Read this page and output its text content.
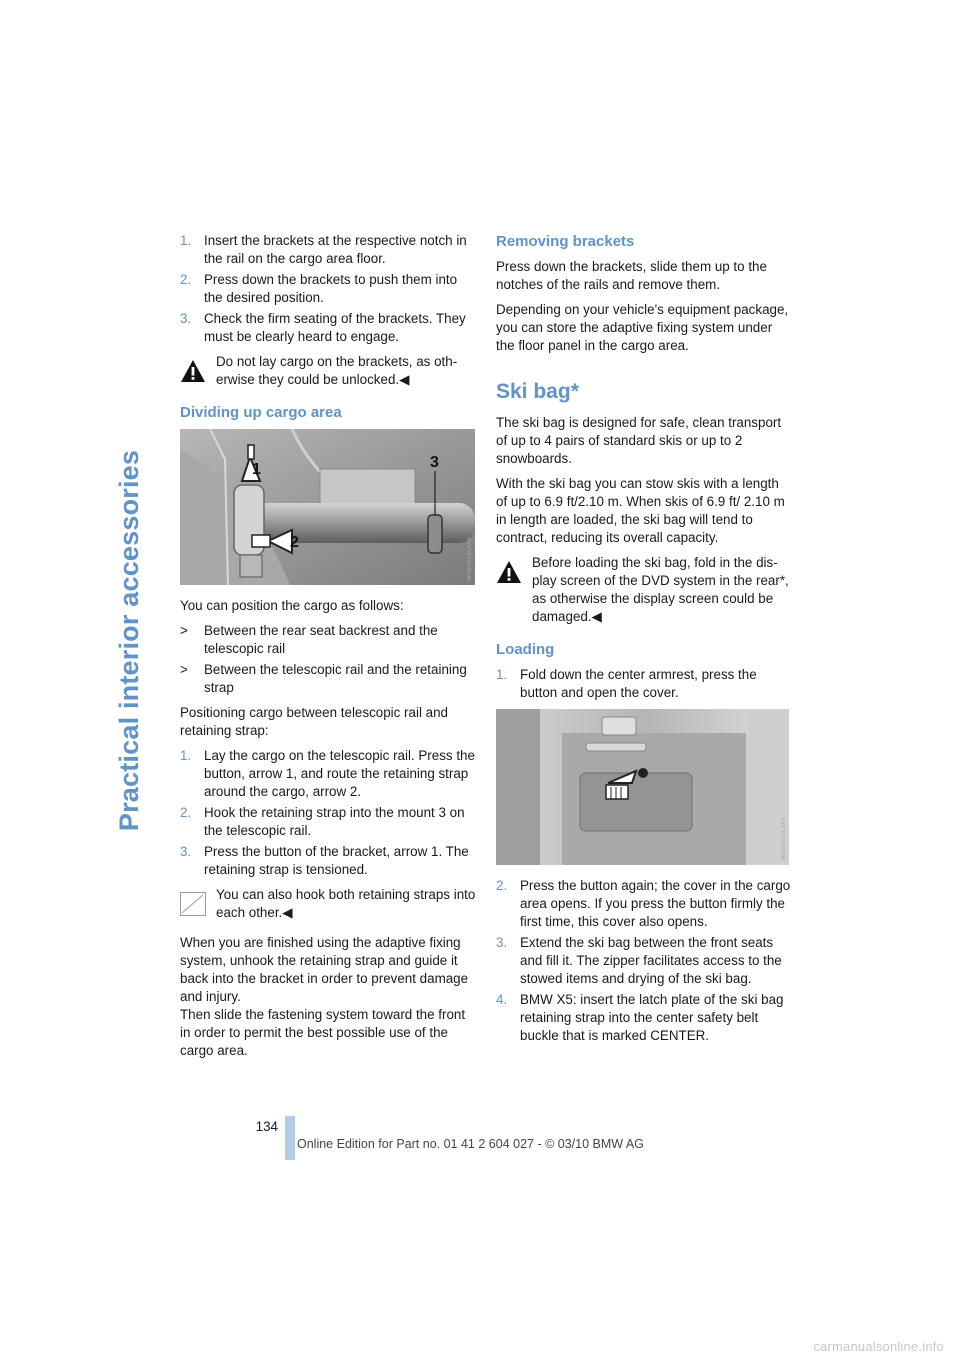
Practical interior accessories
1. Insert the brackets at the respective notch in the rail on the cargo area floor.

2. Press down the brackets to push them into the desired position.

3. Check the firm seating of the brackets. They must be clearly heard to engage.

Do not lay cargo on the brackets, as otherwise they could be unlocked.◀

Dividing up cargo area
1
2
3
W06x023CMA

You can position the cargo as follows:

> Between the rear seat backrest and the telescopic rail
> Between the telescopic rail and the retaining strap

Positioning cargo between telescopic rail and retaining strap:

1. Lay the cargo on the telescopic rail. Press the button, arrow 1, and route the retaining strap around the cargo, arrow 2.

2. Hook the retaining strap into the mount 3 on the telescopic rail.

3. Press the button of the bracket, arrow 1. The retaining strap is tensioned.

You can also hook both retaining straps into each other.◀

When you are finished using the adaptive fixing system, unhook the retaining strap and guide it back into the bracket in order to prevent damage and injury.

Then slide the fastening system toward the front in order to permit the best possible use of the cargo area.

Removing brackets

Press down the brackets, slide them up to the notches of the rails and remove them.

Depending on your vehicle's equipment package, you can store the adaptive fixing system under the floor panel in the cargo area.

Ski bag*

The ski bag is designed for safe, clean transport of up to 4 pairs of standard skis or up to 2 snowboards.

With the ski bag you can stow skis with a length of up to 6.9 ft/2.10 m. When skis of 6.9 ft/ 2.10 m in length are loaded, the ski bag will tend to contract, reducing its overall capacity.

Before loading the ski bag, fold in the display screen of the DVD system in the rear*, as otherwise the display screen could be damaged.◀

Loading
1. Fold down the center armrest, press the button and open the cover.

W06x025CMA
2. Press the button again; the cover in the cargo area opens. If you press the button firmly the first time, this cover also opens.

3. Extend the ski bag between the front seats and fill it. The zipper facilitates access to the stowed items and drying of the ski bag.

4. BMW X5: insert the latch plate of the ski bag retaining strap into the center safety belt buckle that is marked CENTER.

134
Online Edition for Part no. 01 41 2 604 027 - © 03/10 BMW AG
carmanualsonline.info
